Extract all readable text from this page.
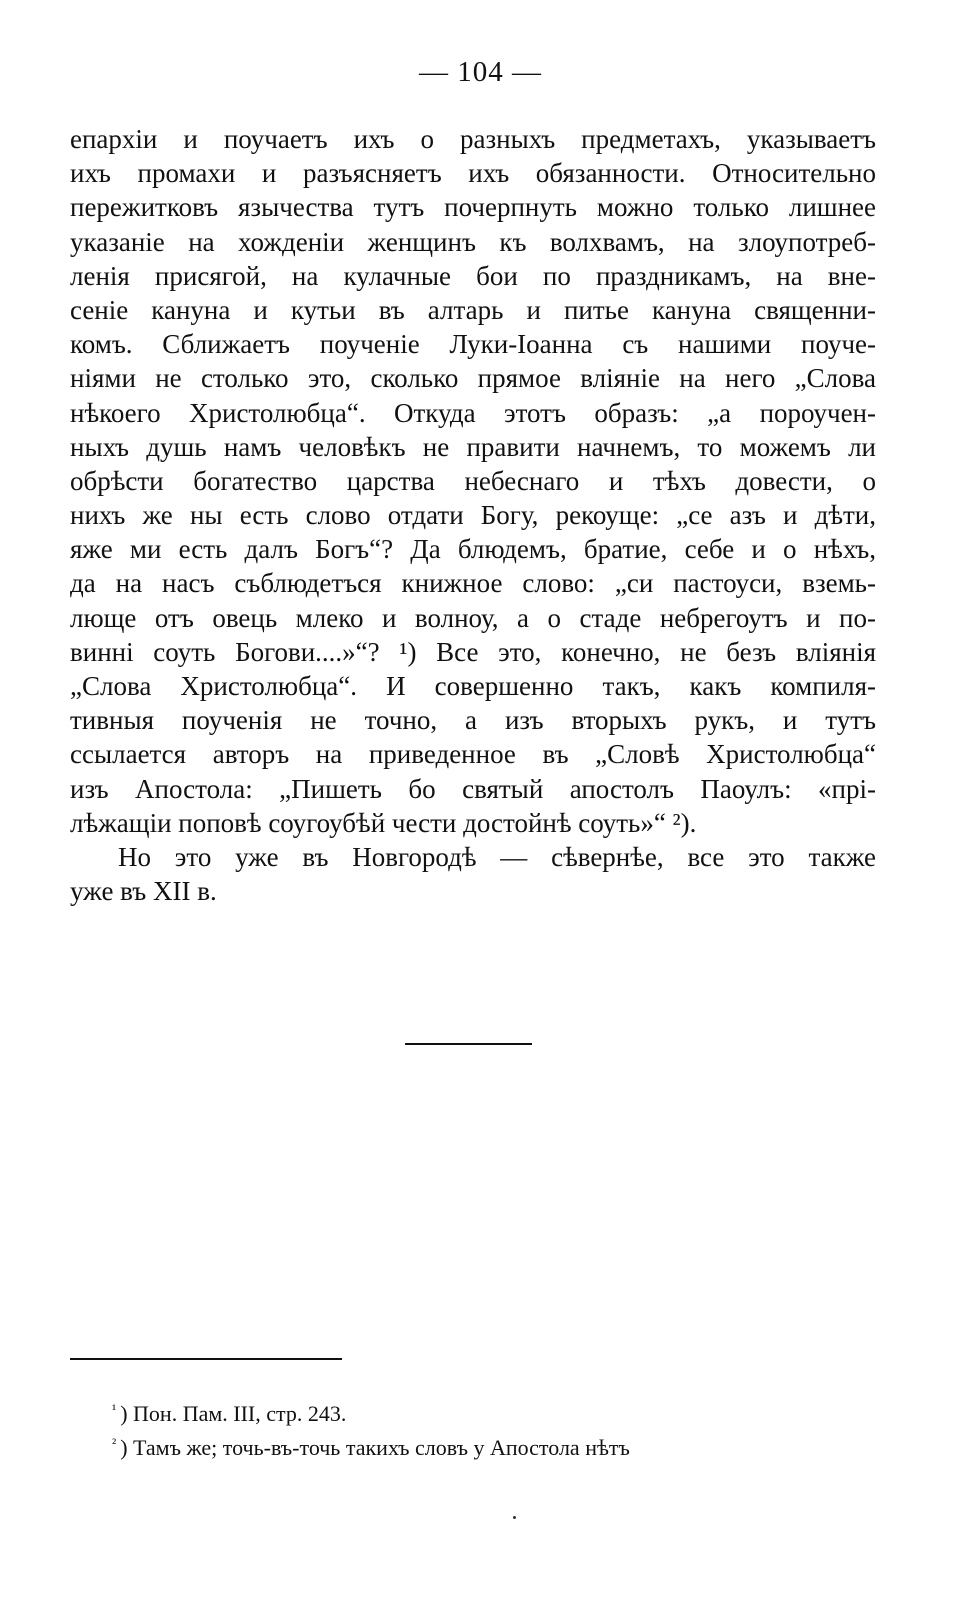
— 104 —
епархiи и поучаетъ ихъ о разныхъ предметахъ, указываетъ
ихъ промахи и разъясняетъ ихъ обязанности. Относительно
пережитковъ язычества тутъ почерпнуть можно только лишнее
указанiе на хожденiи женщинъ къ волхвамъ, на злоупотреб-
ленiя присягой, на кулачные бои по праздникамъ, на вне-
сенiе кануна и кутьи въ алтарь и питье кануна священни-
комъ. Сближаетъ поученiе Луки-Iоанна съ нашими поуче-
нiями не столько это, сколько прямое влiянiе на него „Слова
нѣкоего Христолюбца“. Откуда этотъ образъ: „а пороучен-
ныхъ душь намъ человѣкъ не правити начнемъ, то можемъ ли
обрѣсти богатество царства небеснаго и тѣхъ довести, о
нихъ же ны есть слово отдати Богу, рекоуще: „се азъ и дѣти,
яже ми есть далъ Богъ“? Да блюдемъ, братие, себе и о нѣхъ,
да на насъ съблюдетъся книжное слово: „си пастоуси, вземь-
люще отъ овець млеко и волноу, а о стаде небрегоутъ и по-
винні соуть Богови....»“? ¹) Все это, конечно, не безъ влiянiя
„Слова Христолюбца“. И совершенно такъ, какъ компиля-
тивныя поученiя не точно, а изъ вторыхъ рукъ, и тутъ
ссылается авторъ на приведенное въ „Словѣ Христолюбца“
изъ Апостола: „Пишеть бо святый апостолъ Паоулъ: «прi-
лѣжащiи поповѣ соугоубѣй чести достойнѣ соуть»“ ²).
Но это уже въ Новгородѣ — сѣвернѣе, все это также
уже въ XII в.
$^{^1}$ ) Пон. Пам. III, стр. 243.
$^{^2}$ ) Тамъ же; точь-въ-точь такихъ словъ у Апостола нѣтъ
